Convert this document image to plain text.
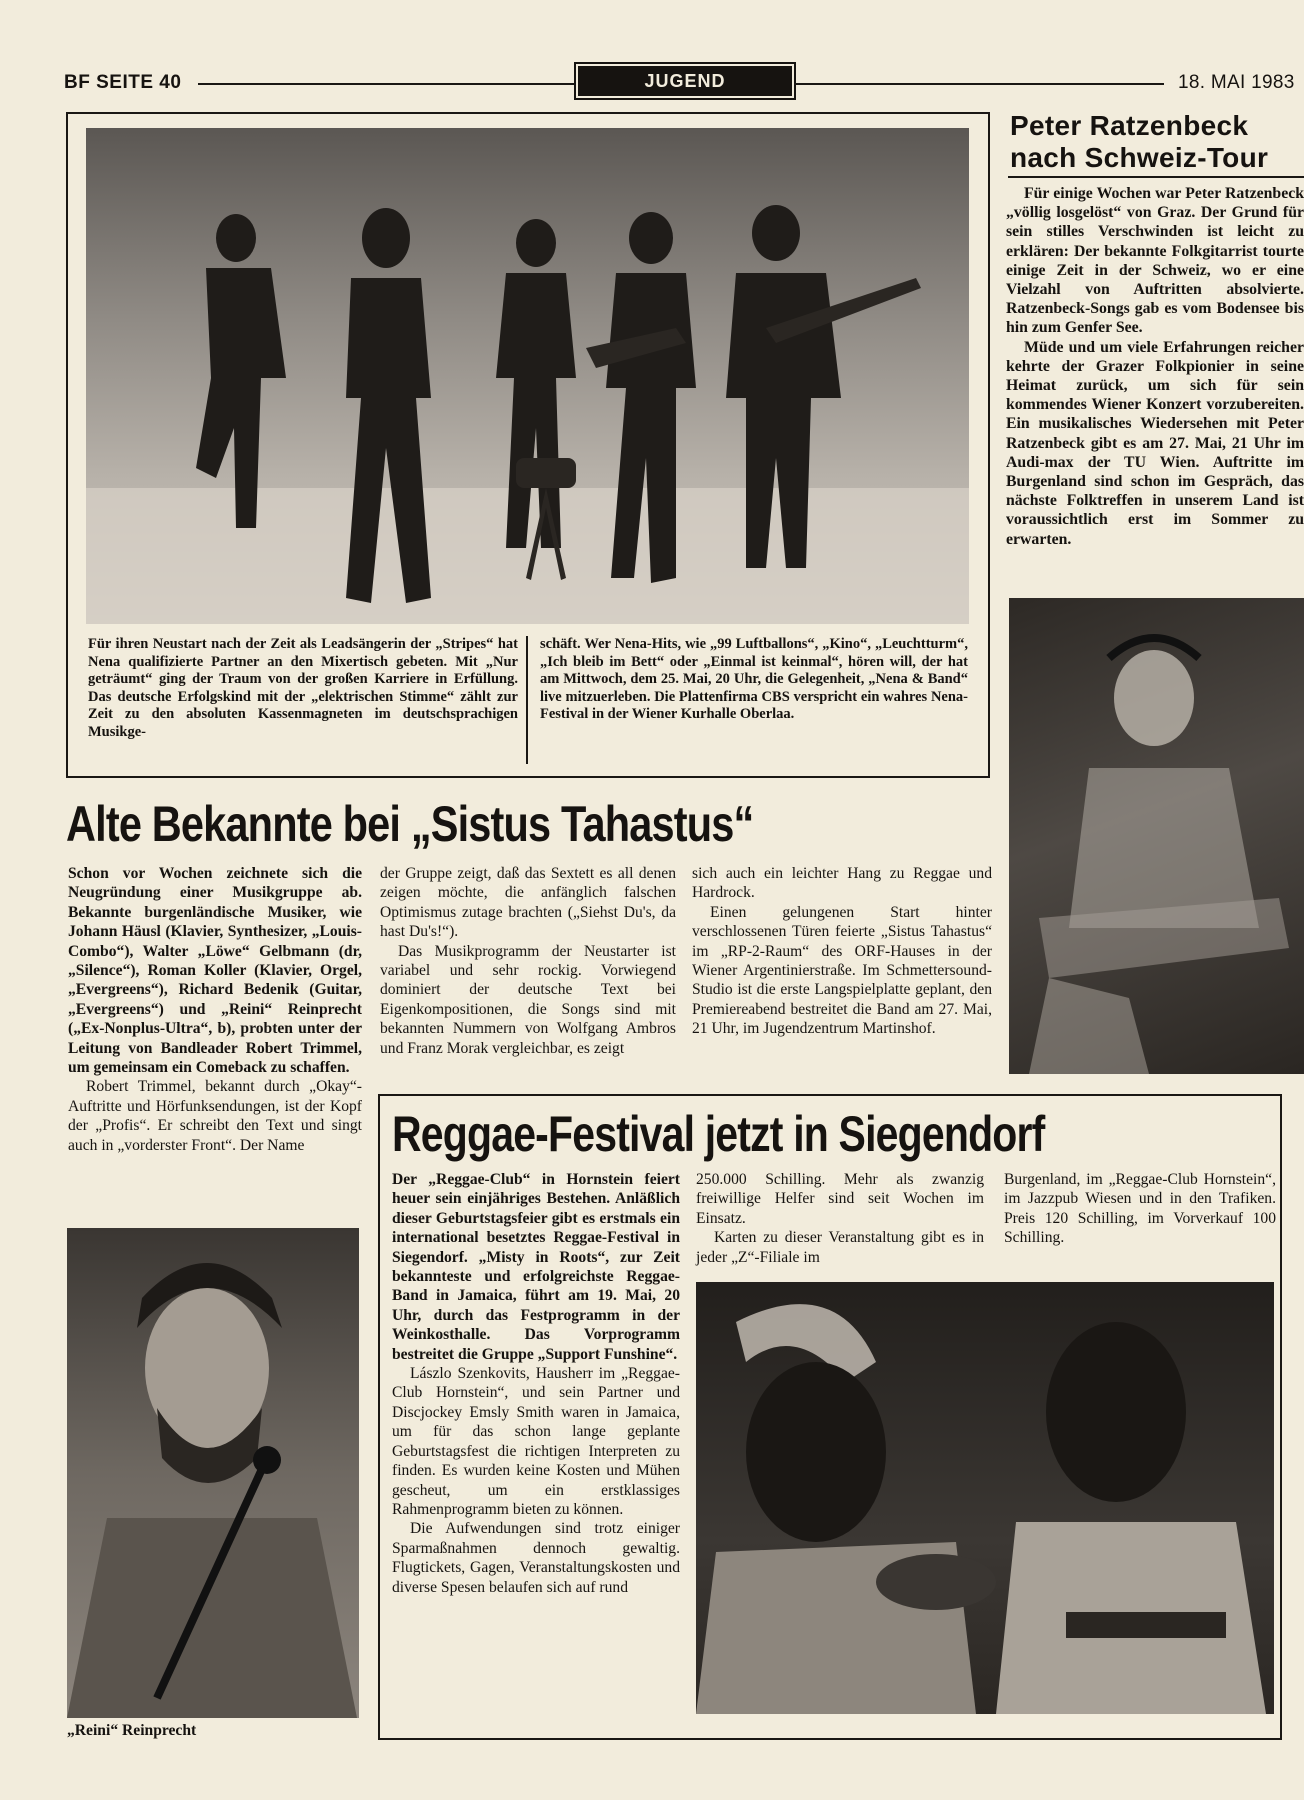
BF SEITE 40	JUGEND	18. MAI 1983
Für ihren Neustart nach der Zeit als Leadsängerin der „Stripes“ hat Nena qualifizierte Partner an den Mixertisch gebeten. Mit „Nur geträumt“ ging der Traum von der großen Karriere in Erfüllung. Das deutsche Erfolgskind mit der „elektrischen Stimme“ zählt zur Zeit zu den absoluten Kassenmagneten im deutschsprachigen Musikge-
schäft. Wer Nena-Hits, wie „99 Luftballons“, „Kino“, „Leuchtturm“, „Ich bleib im Bett“ oder „Einmal ist keinmal“, hören will, der hat am Mittwoch, dem 25. Mai, 20 Uhr, die Gelegenheit, „Nena & Band“ live mitzuerleben. Die Plattenfirma CBS verspricht ein wahres Nena-Festival in der Wiener Kurhalle Oberlaa.
Peter Ratzenbeck
nach Schweiz-Tour

Für einige Wochen war Peter Ratzenbeck „völlig losgelöst“ von Graz. Der Grund für sein stilles Verschwinden ist leicht zu erklären: Der bekannte Folkgitarrist tourte einige Zeit in der Schweiz, wo er eine Vielzahl von Auftritten absolvierte. Ratzenbeck-Songs gab es vom Bodensee bis hin zum Genfer See.

Müde und um viele Erfahrungen reicher kehrte der Grazer Folkpionier in seine Heimat zurück, um sich für sein kommendes Wiener Konzert vorzubereiten. Ein musikalisches Wiedersehen mit Peter Ratzenbeck gibt es am 27. Mai, 21 Uhr im Audi-max der TU Wien. Auftritte im Burgenland sind schon im Gespräch, das nächste Folktreffen in unserem Land ist voraussichtlich erst im Sommer zu erwarten.

Alte Bekannte bei „Sistus Tahastus“

Schon vor Wochen zeichnete sich die Neugründung einer Musikgruppe ab. Bekannte burgenländische Musiker, wie Johann Häusl (Klavier, Synthesizer, „Louis-Combo“), Walter „Löwe“ Gelbmann (dr, „Silence“), Roman Koller (Klavier, Orgel, „Evergreens“), Richard Bedenik (Guitar, „Evergreens“) und „Reini“ Reinprecht („Ex-Nonplus-Ultra“, b), probten unter der Leitung von Bandleader Robert Trimmel, um gemeinsam ein Comeback zu schaffen.

Robert Trimmel, bekannt durch „Okay“-Auftritte und Hörfunksendungen, ist der Kopf der „Profis“. Er schreibt den Text und singt auch in „vorderster Front“. Der Name

der Gruppe zeigt, daß das Sextett es all denen zeigen möchte, die anfänglich falschen Optimismus zutage brachten („Siehst Du's, da hast Du's!“).

Das Musikprogramm der Neustarter ist variabel und sehr rockig. Vorwiegend dominiert der deutsche Text bei Eigenkompositionen, die Songs sind mit bekannten Nummern von Wolfgang Ambros und Franz Morak vergleichbar, es zeigt

sich auch ein leichter Hang zu Reggae und Hardrock.

Einen gelungenen Start hinter verschlossenen Türen feierte „Sistus Tahastus“ im „RP-2-Raum“ des ORF-Hauses in der Wiener Argentinierstraße. Im Schmettersound-Studio ist die erste Langspielplatte geplant, den Premiereabend bestreitet die Band am 27. Mai, 21 Uhr, im Jugendzentrum Martinshof.

„Reini“ Reinprecht
Reggae-Festival jetzt in Siegendorf

Der „Reggae-Club“ in Hornstein feiert heuer sein einjähriges Bestehen. Anläßlich dieser Geburtstagsfeier gibt es erstmals ein international besetztes Reggae-Festival in Siegendorf. „Misty in Roots“, zur Zeit bekannteste und erfolgreichste Reggae-Band in Jamaica, führt am 19. Mai, 20 Uhr, durch das Festprogramm in der Weinkosthalle. Das Vorprogramm bestreitet die Gruppe „Support Funshine“.

Lászlo Szenkovits, Hausherr im „Reggae-Club Hornstein“, und sein Partner und Discjockey Emsly Smith waren in Jamaica, um für das schon lange geplante Geburtstagsfest die richtigen Interpreten zu finden. Es wurden keine Kosten und Mühen gescheut, um ein erstklassiges Rahmenprogramm bieten zu können.

Die Aufwendungen sind trotz einiger Sparmaßnahmen dennoch gewaltig. Flugtickets, Gagen, Veranstaltungskosten und diverse Spesen belaufen sich auf rund

250.000 Schilling. Mehr als zwanzig freiwillige Helfer sind seit Wochen im Einsatz.

Karten zu dieser Veranstaltung gibt es in jeder „Z“-Filiale im

Burgenland, im „Reggae-Club Hornstein“, im Jazzpub Wiesen und in den Trafiken. Preis 120 Schilling, im Vorverkauf 100 Schilling.
